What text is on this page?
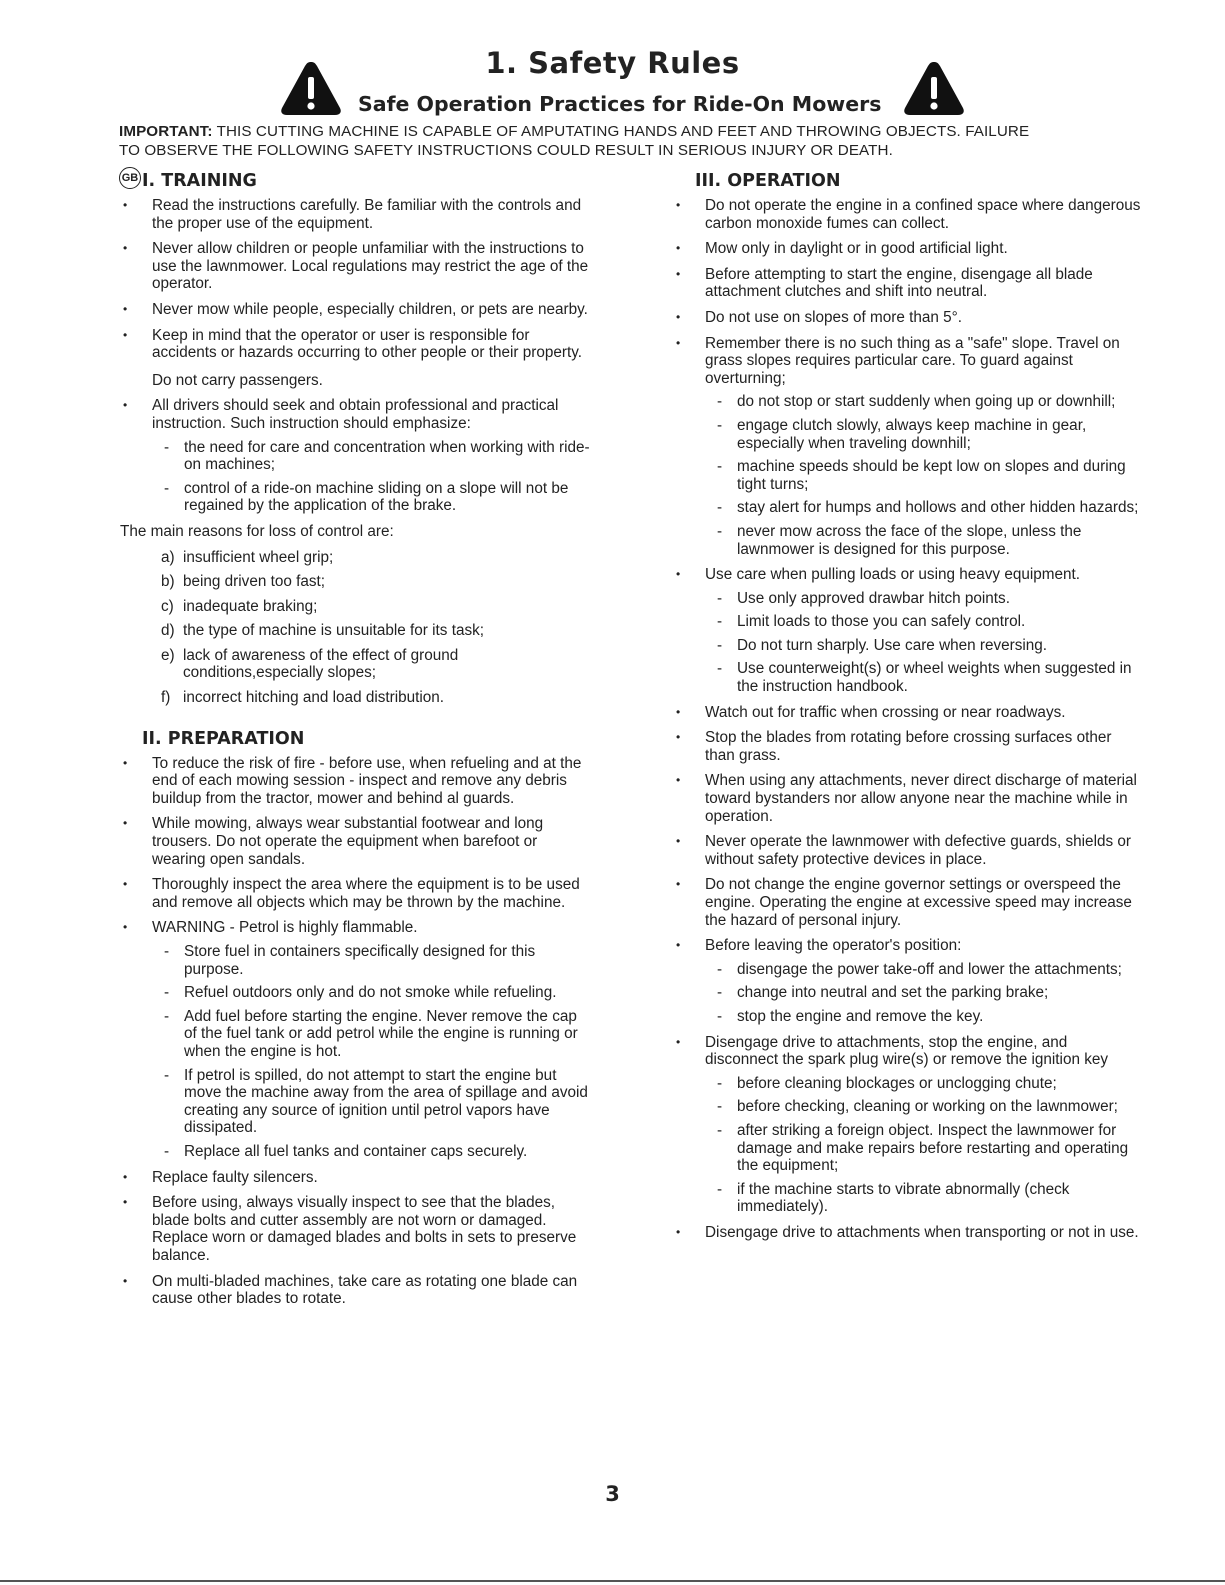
1. Safety Rules
Safe Operation Practices for Ride-On Mowers
IMPORTANT: THIS CUTTING MACHINE IS CAPABLE OF AMPUTATING HANDS AND FEET AND THROWING OBJECTS. FAILURE
TO OBSERVE THE FOLLOWING SAFETY INSTRUCTIONS COULD RESULT IN SERIOUS INJURY OR DEATH.
GB I. TRAINING
• Read the instructions carefully. Be familiar with the controls and the proper use of the equipment.
• Never allow children or people unfamiliar with the instructions to use the lawnmower. Local regulations may restrict the age of the operator.
• Never mow while people, especially children, or pets are nearby.
• Keep in mind that the operator or user is responsible for accidents or hazards occurring to other people or their property.
Do not carry passengers.
• All drivers should seek and obtain professional and practical instruction. Such instruction should emphasize:
- the need for care and concentration when working with ride-on machines;
- control of a ride-on machine sliding on a slope will not be regained by the application of the brake.
The main reasons for loss of control are:
a) insufficient wheel grip;
b) being driven too fast;
c) inadequate braking;
d) the type of machine is unsuitable for its task;
e) lack of awareness of the effect of ground conditions,especially slopes;
f) incorrect hitching and load distribution.
II. PREPARATION
• To reduce the risk of fire - before use, when refueling and at the end of each mowing session - inspect and remove any debris buildup from the tractor, mower and behind al guards.
• While mowing, always wear substantial footwear and long trousers. Do not operate the equipment when barefoot or wearing open sandals.
• Thoroughly inspect the area where the equipment is to be used and remove all objects which may be thrown by the machine.
• WARNING - Petrol is highly flammable.
- Store fuel in containers specifically designed for this purpose.
- Refuel outdoors only and do not smoke while refueling.
- Add fuel before starting the engine. Never remove the cap of the fuel tank or add petrol while the engine is running or when the engine is hot.
- If petrol is spilled, do not attempt to start the engine but move the machine away from the area of spillage and avoid creating any source of ignition until petrol vapors have dissipated.
- Replace all fuel tanks and container caps securely.
• Replace faulty silencers.
• Before using, always visually inspect to see that the blades, blade bolts and cutter assembly are not worn or damaged. Replace worn or damaged blades and bolts in sets to preserve balance.
• On multi-bladed machines, take care as rotating one blade can cause other blades to rotate.
III. OPERATION
• Do not operate the engine in a confined space where dangerous carbon monoxide fumes can collect.
• Mow only in daylight or in good artificial light.
• Before attempting to start the engine, disengage all blade attachment clutches and shift into neutral.
• Do not use on slopes of more than 5°.
• Remember there is no such thing as a "safe" slope. Travel on grass slopes requires particular care. To guard against overturning;
- do not stop or start suddenly when going up or downhill;
- engage clutch slowly, always keep machine in gear, especially when traveling downhill;
- machine speeds should be kept low on slopes and during tight turns;
- stay alert for humps and hollows and other hidden hazards;
- never mow across the face of the slope, unless the lawnmower is designed for this purpose.
• Use care when pulling loads or using heavy equipment.
- Use only approved drawbar hitch points.
- Limit loads to those you can safely control.
- Do not turn sharply. Use care when reversing.
- Use counterweight(s) or wheel weights when suggested in the instruction handbook.
• Watch out for traffic when crossing or near roadways.
• Stop the blades from rotating before crossing surfaces other than grass.
• When using any attachments, never direct discharge of material toward bystanders nor allow anyone near the machine while in operation.
• Never operate the lawnmower with defective guards, shields or without safety protective devices in place.
• Do not change the engine governor settings or overspeed the engine. Operating the engine at excessive speed may increase the hazard of personal injury.
• Before leaving the operator's position:
- disengage the power take-off and lower the attachments;
- change into neutral and set the parking brake;
- stop the engine and remove the key.
• Disengage drive to attachments, stop the engine, and disconnect the spark plug wire(s) or remove the ignition key
- before cleaning blockages or unclogging chute;
- before checking, cleaning or working on the lawnmower;
- after striking a foreign object. Inspect the lawnmower for damage and make repairs before restarting and operating the equipment;
- if the machine starts to vibrate abnormally (check immediately).
• Disengage drive to attachments when transporting or not in use.
3
